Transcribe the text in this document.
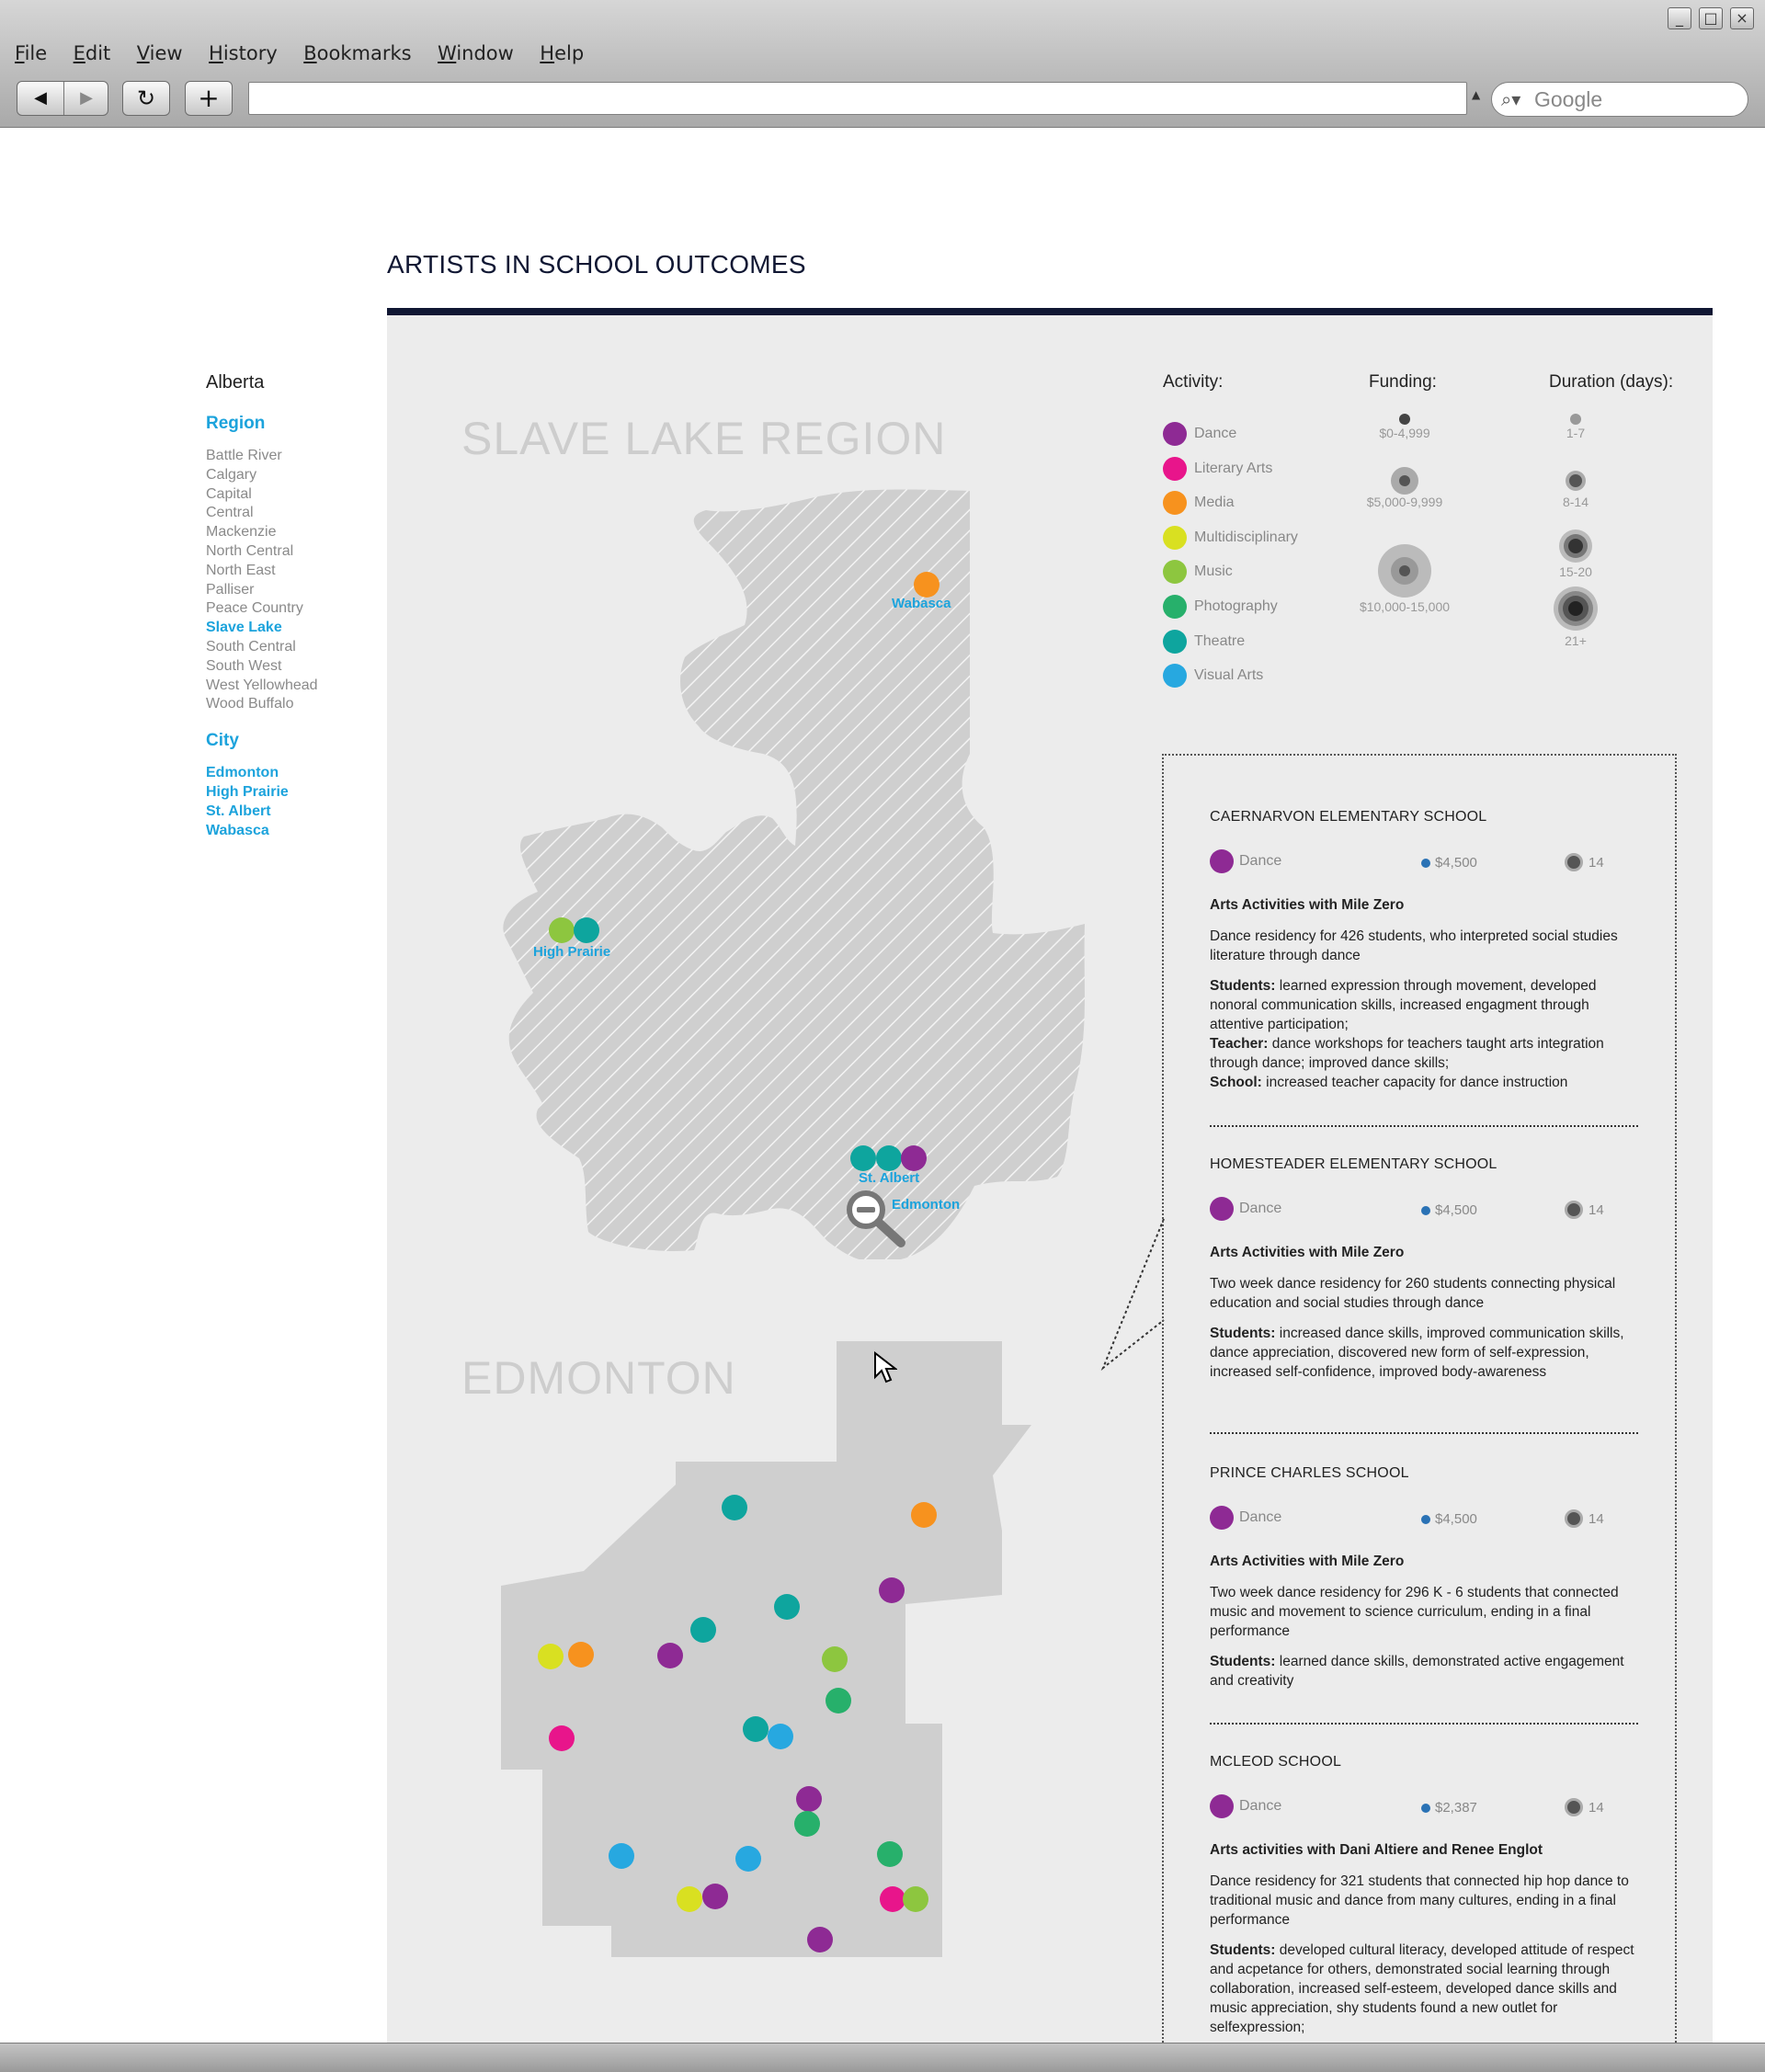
_	□	×
File Edit View History Bookmarks Window Help
◀	▶	↻	+	▲ ⌕▾
Google
ARTISTS IN SCHOOL OUTCOMES
Alberta
Region
Battle River
Calgary
Capital
Central
Mackenzie
North Central
North East
Palliser
Peace Country
Slave Lake
South Central
South West
West Yellowhead
Wood Buffalo
City
Edmonton
High Prairie
St. Albert
Wabasca
SLAVE LAKE REGION
Wabasca
High Prairie
St. Albert
Edmonton
EDMONTON
Activity:	Funding:	Duration (days):
Dance
Literary Arts
Media
Multidisciplinary
Music
Photography
Theatre
Visual Arts
$0-4,999
$5,000-9,999
$10,000-15,000
1-7
8-14
15-20
21+
CAERNARVON ELEMENTARY SCHOOL
Dance	$4,500	14
Arts Activities with Mile Zero
Dance residency for 426 students, who interpreted social studies literature through dance
Students: learned expression through movement, developed nonoral communication skills, increased engagment through attentive participation;
Teacher: dance workshops for teachers taught arts integration through dance; improved dance skills;
School: increased teacher capacity for dance instruction
HOMESTEADER ELEMENTARY SCHOOL
Dance	$4,500	14
Arts Activities with Mile Zero
Two week dance residency for 260 students connecting physical education and social studies through dance
Students: increased dance skills, improved communication skills, dance appreciation, discovered new form of self-expression, increased self-confidence, improved body-awareness
PRINCE CHARLES SCHOOL
Dance	$4,500	14
Arts Activities with Mile Zero
Two week dance residency for 296 K - 6 students that connected music and movement to science curriculum, ending in a final performance
Students: learned dance skills, demonstrated active engagement and creativity
MCLEOD SCHOOL
Dance	$2,387	14
Arts activities with Dani Altiere and Renee Englot
Dance residency for 321 students that connected hip hop dance to traditional music and dance from many cultures, ending in a final performance
Students: developed cultural literacy, developed attitude of respect and acpetance for others, demonstrated social learning through collaboration, increased self-esteem, developed dance skills and music appreciation, shy students found a new outlet for selfexpression;
